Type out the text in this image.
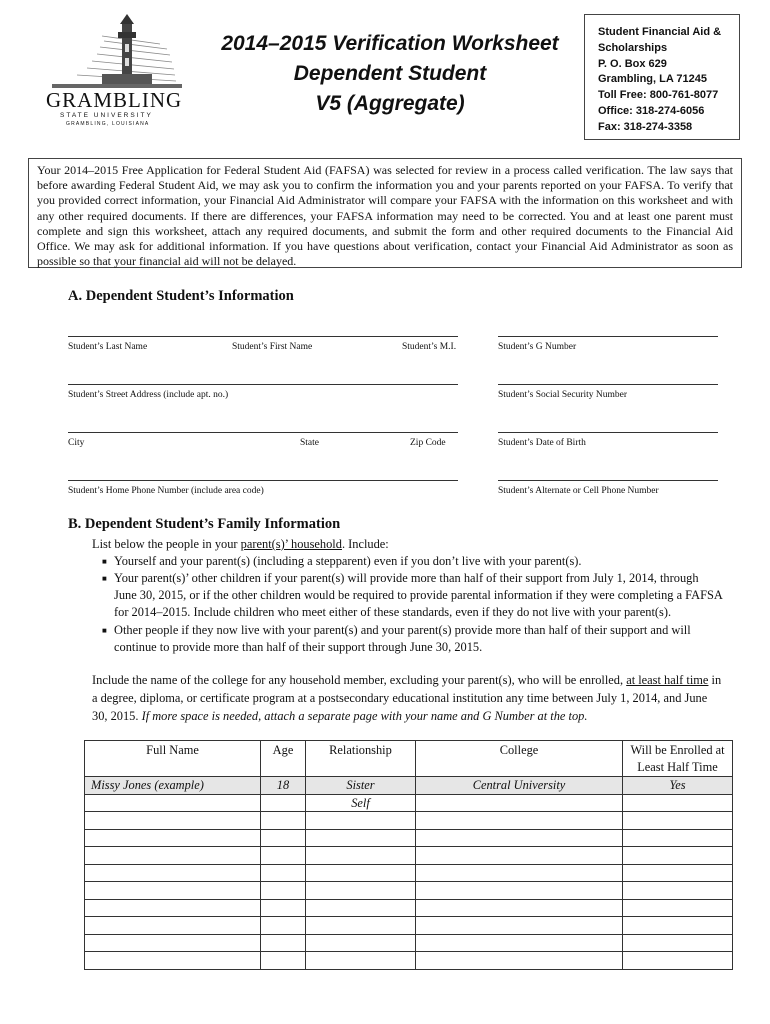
GRAMBLING
STATE UNIVERSITY
GRAMBLING, LOUISIANA
2014–2015 Verification Worksheet
Dependent Student
V5 (Aggregate)
Student Financial Aid &
Scholarships
P. O. Box 629
Grambling, LA 71245
Toll Free: 800-761-8077
Office: 318-274-6056
Fax: 318-274-3358
Your 2014–2015 Free Application for Federal Student Aid (FAFSA) was selected for review in a process called verification. The law says that before awarding Federal Student Aid, we may ask you to confirm the information you and your parents reported on your FAFSA. To verify that you provided correct information, your Financial Aid Administrator will compare your FAFSA with the information on this worksheet and with any other required documents. If there are differences, your FAFSA information may need to be corrected. You and at least one parent must complete and sign this worksheet, attach any required documents, and submit the form and other required documents to the Financial Aid Office. We may ask for additional information. If you have questions about verification, contact your Financial Aid Administrator as soon as possible so that your financial aid will not be delayed.
A. Dependent Student’s Information
Student’s Last Name	Student’s First Name	Student’s M.I.	Student’s G Number
Student’s Street Address (include apt. no.)	Student’s Social Security Number
City	State	Zip Code	Student’s Date of Birth
Student’s Home Phone Number (include area code)	Student’s Alternate or Cell Phone Number
B. Dependent Student’s Family Information
List below the people in your parent(s)’ household. Include:
■ Yourself and your parent(s) (including a stepparent) even if you don’t live with your parent(s).
■ Your parent(s)’ other children if your parent(s) will provide more than half of their support from July 1, 2014, through
June 30, 2015, or if the other children would be required to provide parental information if they were completing a FAFSA
for 2014–2015. Include children who meet either of these standards, even if they do not live with your parent(s).
■ Other people if they now live with your parent(s) and your parent(s) provide more than half of their support and will
continue to provide more than half of their support through June 30, 2015.
Include the name of the college for any household member, excluding your parent(s), who will be enrolled, at least half time in
a degree, diploma, or certificate program at a postsecondary educational institution any time between July 1, 2014, and June
30, 2015. If more space is needed, attach a separate page with your name and G Number at the top.
Full Name	Age	Relationship	College	Will be Enrolled at Least Half Time
Missy Jones (example)	18	Sister	Central University	Yes
		Self		
